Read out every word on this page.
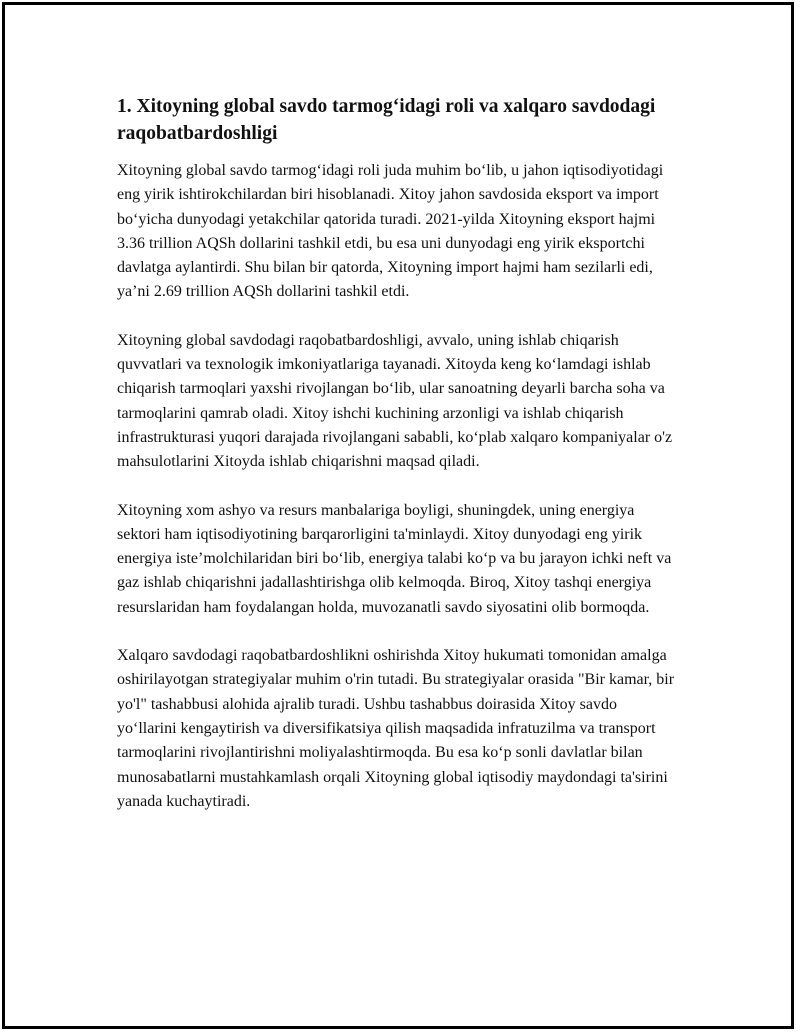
1. Xitoyning global savdo tarmog‘idagi roli va xalqaro savdodagi raqobatbardoshligi

Xitoyning global savdo tarmog‘idagi roli juda muhim bo‘lib, u jahon iqtisodiyotidagi eng yirik ishtirokchilardan biri hisoblanadi. Xitoy jahon savdosida eksport va import bo‘yicha dunyodagi yetakchilar qatorida turadi. 2021-yilda Xitoyning eksport hajmi 3.36 trillion AQSh dollarini tashkil etdi, bu esa uni dunyodagi eng yirik eksportchi davlatga aylantirdi. Shu bilan bir qatorda, Xitoyning import hajmi ham sezilarli edi, ya’ni 2.69 trillion AQSh dollarini tashkil etdi.

Xitoyning global savdodagi raqobatbardoshligi, avvalo, uning ishlab chiqarish quvvatlari va texnologik imkoniyatlariga tayanadi. Xitoyda keng ko‘lamdagi ishlab chiqarish tarmoqlari yaxshi rivojlangan bo‘lib, ular sanoatning deyarli barcha soha va tarmoqlarini qamrab oladi. Xitoy ishchi kuchining arzonligi va ishlab chiqarish infrastrukturasi yuqori darajada rivojlangani sababli, ko‘plab xalqaro kompaniyalar o'z mahsulotlarini Xitoyda ishlab chiqarishni maqsad qiladi.

Xitoyning xom ashyo va resurs manbalariga boyligi, shuningdek, uning energiya sektori ham iqtisodiyotining barqarorligini ta'minlaydi. Xitoy dunyodagi eng yirik energiya iste’molchilaridan biri bo‘lib, energiya talabi ko‘p va bu jarayon ichki neft va gaz ishlab chiqarishni jadallashtirishga olib kelmoqda. Biroq, Xitoy tashqi energiya resurslaridan ham foydalangan holda, muvozanatli savdo siyosatini olib bormoqda.

Xalqaro savdodagi raqobatbardoshlikni oshirishda Xitoy hukumati tomonidan amalga oshirilayotgan strategiyalar muhim o'rin tutadi. Bu strategiyalar orasida "Bir kamar, bir yo'l" tashabbusi alohida ajralib turadi. Ushbu tashabbus doirasida Xitoy savdo yo‘llarini kengaytirish va diversifikatsiya qilish maqsadida infratuzilma va transport tarmoqlarini rivojlantirishni moliyalashtirmoqda. Bu esa ko‘p sonli davlatlar bilan munosabatlarni mustahkamlash orqali Xitoyning global iqtisodiy maydondagi ta'sirini yanada kuchaytiradi.
